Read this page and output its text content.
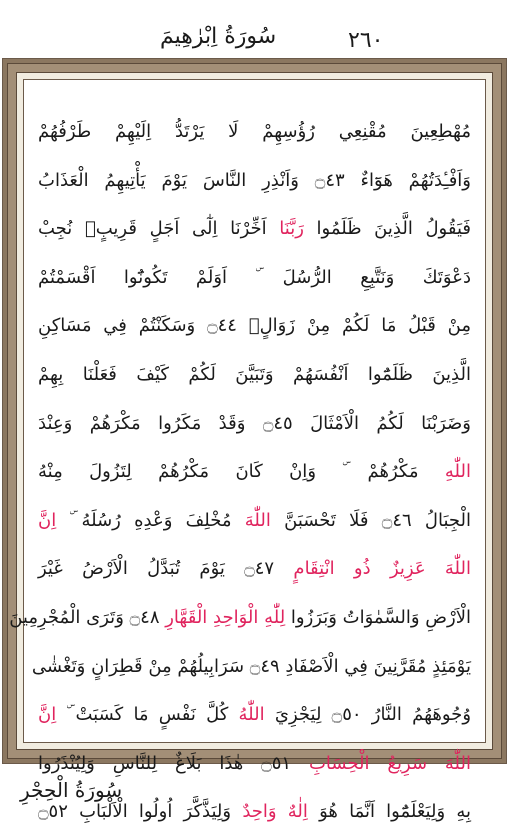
٢٦٠
سُورَةُ اِبْرٰهِيمَ
مُهْطِعِينَ مُقْنِعِي رُؤُسِهِمْ لَا يَرْتَدُّ اِلَيْهِمْ طَرْفُهُمْ
وَاَفْـِٔدَتُهُمْ هَوَٓاءٌ ۝٤٣ وَاَنْذِرِ النَّاسَ يَوْمَ يَأْتِيهِمُ الْعَذَابُ
فَيَقُولُ الَّذِينَ ظَلَمُوا رَبَّنَا اَخِّرْنَا اِلٰٓى اَجَلٍ قَرِيبٍۙ نُجِبْ
دَعْوَتَكَ وَنَتَّبِعِ الرُّسُلَ ۜ اَوَلَمْ تَكُونُٓوا اَقْسَمْتُمْ
مِنْ قَبْلُ مَا لَكُمْ مِنْ زَوَالٍۙ ۝٤٤ وَسَكَنْتُمْ فِي مَسَاكِنِ
الَّذِينَ ظَلَمُٓوا اَنْفُسَهُمْ وَتَبَيَّنَ لَكُمْ كَيْفَ فَعَلْنَا بِهِمْ
وَضَرَبْنَا لَكُمُ الْاَمْثَالَ ۝٤٥ وَقَدْ مَكَرُوا مَكْرَهُمْ وَعِنْدَ
اللّٰهِ مَكْرُهُمْ ۜ وَاِنْ كَانَ مَكْرُهُمْ لِتَزُولَ مِنْهُ
الْجِبَالُ ۝٤٦ فَلَا تَحْسَبَنَّ اللّٰهَ مُخْلِفَ وَعْدِهِ رُسُلَهُ ۜ اِنَّ
اللّٰهَ عَزِيزٌ ذُو انْتِقَامٍ ۝٤٧ يَوْمَ تُبَدَّلُ الْاَرْضُ غَيْرَ
الْاَرْضِ وَالسَّمٰوَاتُ وَبَرَزُوا لِلّٰهِ الْوَاحِدِ الْقَهَّارِ ۝٤٨ وَتَرَى الْمُجْرِمِينَ
يَوْمَئِذٍ مُقَرَّنِينَ فِي الْاَصْفَادِ ۝٤٩ سَرَابِيلُهُمْ مِنْ قَطِرَانٍ وَتَغْشٰى
وُجُوهَهُمُ النَّارُ ۝٥٠ لِيَجْزِيَ اللّٰهُ كُلَّ نَفْسٍ مَا كَسَبَتْ ۜ اِنَّ
اللّٰهَ سَرِيعُ الْحِسَابِ ۝٥١ هٰذَا بَلَاغٌ لِلنَّاسِ وَلِيُنْذَرُوا
بِهِ وَلِيَعْلَمُٓوا اَنَّمَا هُوَ اِلٰهٌ وَاحِدٌ وَلِيَذَّكَّرَ اُولُوا الْاَلْبَابِ ۝٥٢
سُورَةُ الْحِجْرِ
